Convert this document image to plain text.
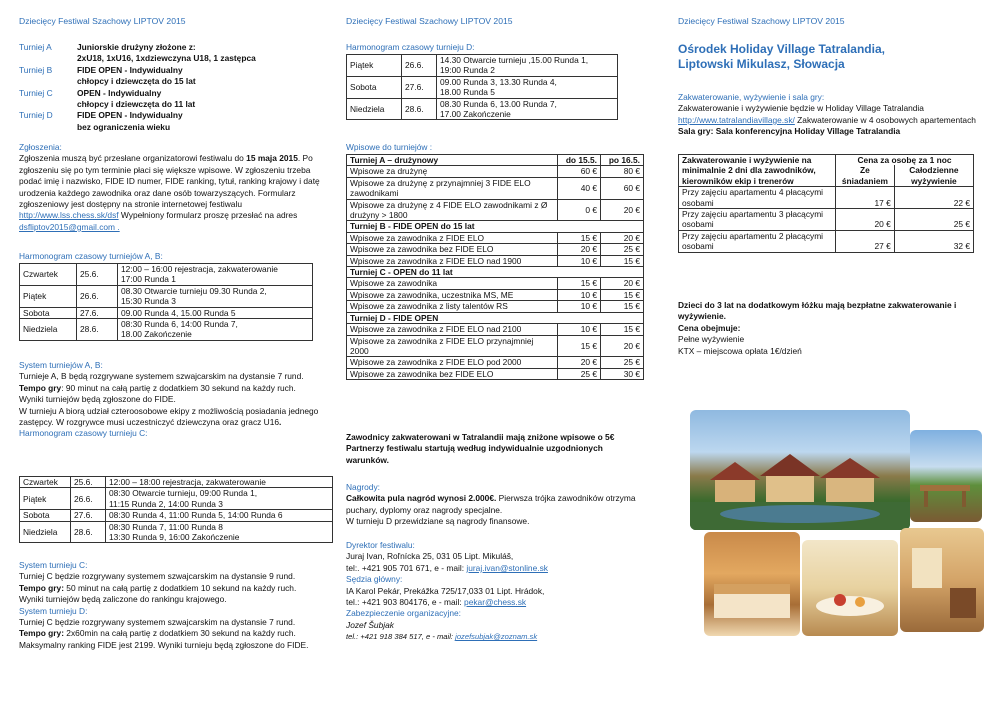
Dziecięcy Festiwal Szachowy LIPTOV 2015
Turniej A	Juniorskie drużyny złożone z:
	2xU18, 1xU16, 1xdziewczyna U18, 1 zastępca
Turniej B	FIDE OPEN - Indywidualny
	chłopcy i dziewczęta do 15 lat
Turniej C	OPEN - Indywidualny
	chłopcy i dziewczęta do 11 lat
Turniej D	FIDE OPEN - Indywidualny
	bez ograniczenia wieku
Zgłoszenia:
Zgłoszenia muszą być przesłane organizatorowi festiwalu do 15 maja 2015. Po zgłoszeniu się po tym terminie płaci się większe wpisowe. W zgłoszeniu trzeba podać imię i nazwisko, FIDE ID numer, FIDE ranking, tytuł, ranking krajowy i datę urodzenia każdego zawodnika oraz dane osób towarzyszących. Formularz zgłoszeniowy jest dostępny na stronie internetowej festiwalu http://www.lss.chess.sk/dsf Wypełniony formularz proszę przesłać na adres dsfliptov2015@gmail.com .
Harmonogram czasowy turniejów A, B:
Czwartek	25.6.	12:00 – 16:00 rejestracja, zakwaterowanie
17:00 Runda 1

Piątek	26.6.	08.30 Otwarcie turnieju 09.30 Runda 2,
15:30 Runda 3

Sobota	27.6.	09.00 Runda 4, 15.00 Runda 5

Niedziela	28.6.	08:30 Runda 6, 14:00 Runda 7,
18.00 Zakończenie
System turniejów A, B:
Turnieje A, B będą rozgrywane systemem szwajcarskim na dystansie 7 rund.
Tempo gry: 90 minut na całą partię z dodatkiem 30 sekund na każdy ruch. Wyniki turniejów będą zgłoszone do FIDE.
W turnieju A biorą udział czteroosobowe ekipy z możliwością posiadania jednego zastępcy. W rozgrywce musi uczestniczyć dziewczyna oraz gracz U16.
Harmonogram czasowy turnieju C:
Czwartek	25.6.	12:00 – 18:00 rejestracja, zakwaterowanie

Piątek	26.6.	08:30 Otwarcie turnieju, 09:00 Runda 1,
11:15 Runda 2, 14:00 Runda 3

Sobota	27.6.	08:30 Runda 4, 11:00 Runda 5, 14:00 Runda 6

Niedziela	28.6.	08:30 Runda 7, 11:00 Runda 8
13:30 Runda 9, 16:00 Zakończenie
System turnieju C:
Turniej C będzie rozgrywany systemem szwajcarskim na dystansie 9 rund. Tempo gry: 50 minut na całą partię z dodatkiem 10 sekund na każdy ruch. Wyniki turniejów będą zaliczone do rankingu krajowego.
System turnieju D:
Turniej C będzie rozgrywany systemem szwajcarskim na dystansie 7 rund. Tempo gry: 2x60min na całą partię z dodatkiem 30 sekund na każdy ruch. Maksymalny ranking FIDE jest 2199. Wyniki turnieju będą zgłoszone do FIDE.
Dziecięcy Festiwal Szachowy LIPTOV 2015
Harmonogram czasowy turnieju D:
Piątek	26.6.	14.30 Otwarcie turnieju ,15.00 Runda 1,
19:00 Runda 2

Sobota	27.6.	09.00 Runda 3, 13.30 Runda 4,
18.00 Runda 5

Niedziela	28.6.	08.30 Runda 6, 13.00 Runda 7,
17.00 Zakończenie
Wpisowe do turniejów :
Turniej A – drużynowy	do 15.5.	po 16.5.
Wpisowe za drużynę	60 €	80 €
Wpisowe za drużynę z przynajmniej 3 FIDE ELO zawodnikami	40 €	60 €
Wpisowe za drużynę z 4 FIDE ELO zawodnikami z Ø drużyny > 1800	0 €	20 €
Turniej B - FIDE OPEN do 15 lat		
Wpisowe za zawodnika z FIDE ELO	15 €	20 €
Wpisowe za zawodnika bez FIDE ELO	20 €	25 €
Wpisowe za zawodnika z FIDE ELO nad 1900	10 €	15 €
Turniej C - OPEN do 11 lat		
Wpisowe za zawodnika	15 €	20 €
Wpisowe za zawodnika, uczestnika MS, ME	10 €	15 €
Wpisowe za zawodnika z listy talentów RS	10 €	15 €
Turniej D - FIDE OPEN		
Wpisowe za zawodnika z FIDE ELO nad 2100	10 €	15 €
Wpisowe za zawodnika z FIDE ELO przynajmniej 2000	15 €	20 €
Wpisowe za zawodnika z FIDE ELO pod 2000	20 €	25 €
Wpisowe za zawodnika bez FIDE ELO	25 €	30 €
Zawodnicy zakwaterowani w Tatralandii mają zniżone wpisowe o 5€
Partnerzy festiwalu startują według indywidualnie uzgodnionych warunków.
Nagrody:
Całkowita pula nagród wynosi 2.000€. Pierwsza trójka zawodników otrzyma puchary, dyplomy oraz nagrody specjalne.
W turnieju D przewidziane są nagrody finansowe.
Dyrektor festiwalu:
Juraj Ivan, Roľnícka 25, 031 05 Lipt. Mikuláš,
tel:. +421 905 701 671, e - mail: juraj.ivan@stonline.sk
Sędzia główny:
IA Karol Pekár, Prekážka 725/17,033 01 Lipt. Hrádok,
tel.: +421 903 804176, e - mail: pekar@chess.sk
Zabezpieczenie organizacyjne:
Jozef Šubjak
tel.: +421 918 384 517, e - mail: jozefsubjak@zoznam.sk
Dziecięcy Festiwal Szachowy LIPTOV 2015
Ośrodek Holiday Village Tatralandia,
Liptowski Mikulasz, Słowacja
Zakwaterowanie, wyżywienie i sala gry:
Zakwaterowanie i wyżywienie będzie w Holiday Village Tatralandia http://www.tatralandiavillage.sk/ Zakwaterowanie w 4 osobowych apartementach
Sala gry: Sala konferencyjna Holiday Village Tatralandia
Zakwaterowanie i wyżywienie na minimalnie 2 dni dla zawodników, kierowników ekip i trenerów	Cena za osobę za 1 noc	
	Ze śniadaniem	Całodzienne wyżywienie
Przy zajęciu apartamentu 4 płacącymi osobami	17 €	22 €
Przy zajęciu apartamentu 3 płacącymi osobami	20 €	25 €
Przy zajęciu apartamentu 2 płacącymi osobami	27 €	32 €
Dzieci do 3 lat na dodatkowym łóżku mają bezpłatne zakwaterowanie i wyżywienie.
Cena obejmuje:
Pełne wyżywienie
KTX – miejscowa opłata 1€/dzień
